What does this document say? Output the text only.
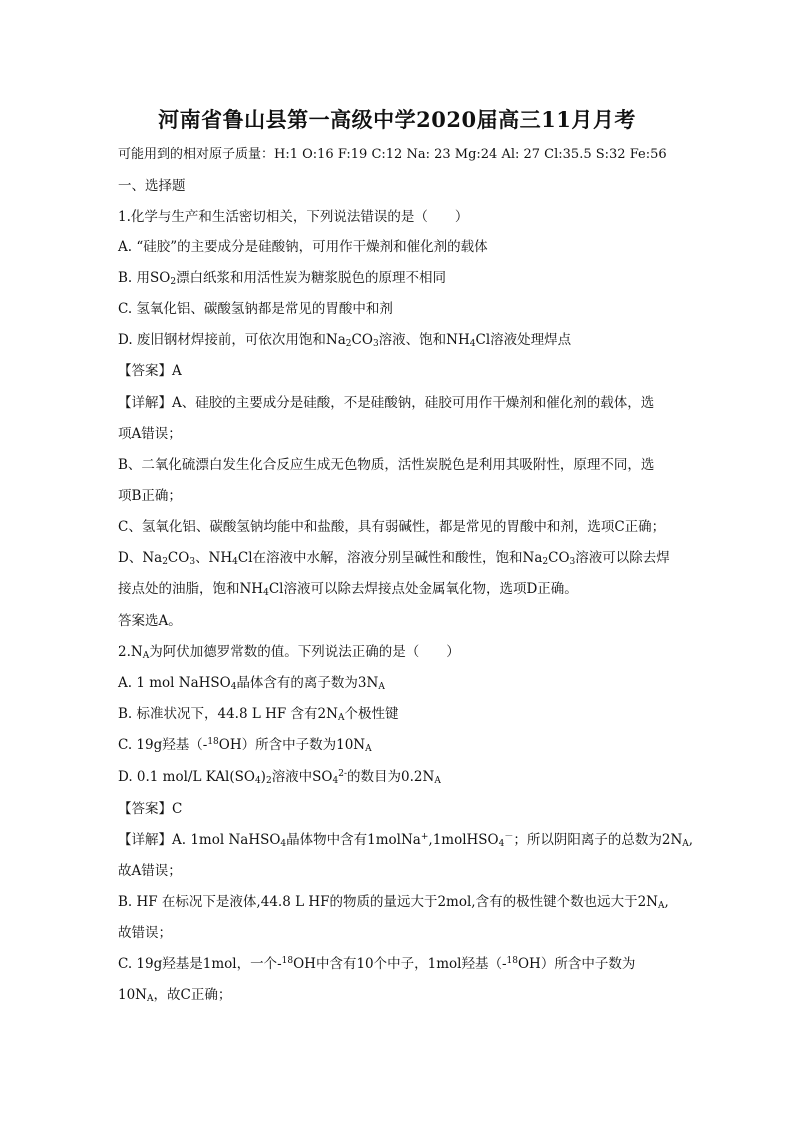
河南省鲁山县第一高级中学2020届高三11月月考
可能用到的相对原子质量：H:1 O:16 F:19 C:12 Na: 23 Mg:24 Al: 27 Cl:35.5 S:32 Fe:56
一、选择题
1.化学与生产和生活密切相关，下列说法错误的是（　　）
A. “硅胶”的主要成分是硅酸钠，可用作干燥剂和催化剂的载体
B. 用$SO_2$漂白纸浆和用活性炭为糖浆脱色的原理不相同
C. 氢氧化铝、碳酸氢钠都是常见的胃酸中和剂
D. 废旧钢材焊接前，可依次用饱和$Na_2CO_3$溶液、饱和$NH_4Cl$溶液处理焊点
【答案】A
【详解】A、硅胶的主要成分是硅酸，不是硅酸钠，硅胶可用作干燥剂和催化剂的载体，选
项A错误；
B、二氧化硫漂白发生化合反应生成无色物质，活性炭脱色是利用其吸附性，原理不同，选
项B正确；
C、氢氧化铝、碳酸氢钠均能中和盐酸，具有弱碱性，都是常见的胃酸中和剂，选项C正确；
D、$Na_2CO_3$、$NH_4Cl$在溶液中水解，溶液分别呈碱性和酸性，饱和$Na_2CO_3$溶液可以除去焊
接点处的油脂，饱和$NH_4Cl$溶液可以除去焊接点处金属氧化物，选项D正确。
答案选A。
$2.N_A$为阿伏加德罗常数的值。下列说法正确的是（　　）
A. 1 mol NaHSO$_4$晶体含有的离子数为$3N_A$
B. 标准状况下，44.8 L HF 含有$2N_A$个极性键
C. 19g羟基（-$^{18}$OH）所含中子数为$10N_A$
D. 0.1 mol/L $KAl(SO_4)_2$溶液中$SO_4^{2-}$的数目为$0.2N_A$
【答案】C
【详解】A. 1mol NaHSO$_4$晶体物中含有1molNa+,1molHSO$_4$－；所以阴阳离子的总数为$2N_A$,
故A错误；
B. HF 在标况下是液体,44.8 L HF的物质的量远大于2mol,含有的极性键个数也远大于$2N_A$,
故错误；
C. 19g羟基是1mol，一个-$^{18}$OH中含有10个中子，1mol羟基（-$^{18}$OH）所含中子数为
$10N_A$，故C正确；
